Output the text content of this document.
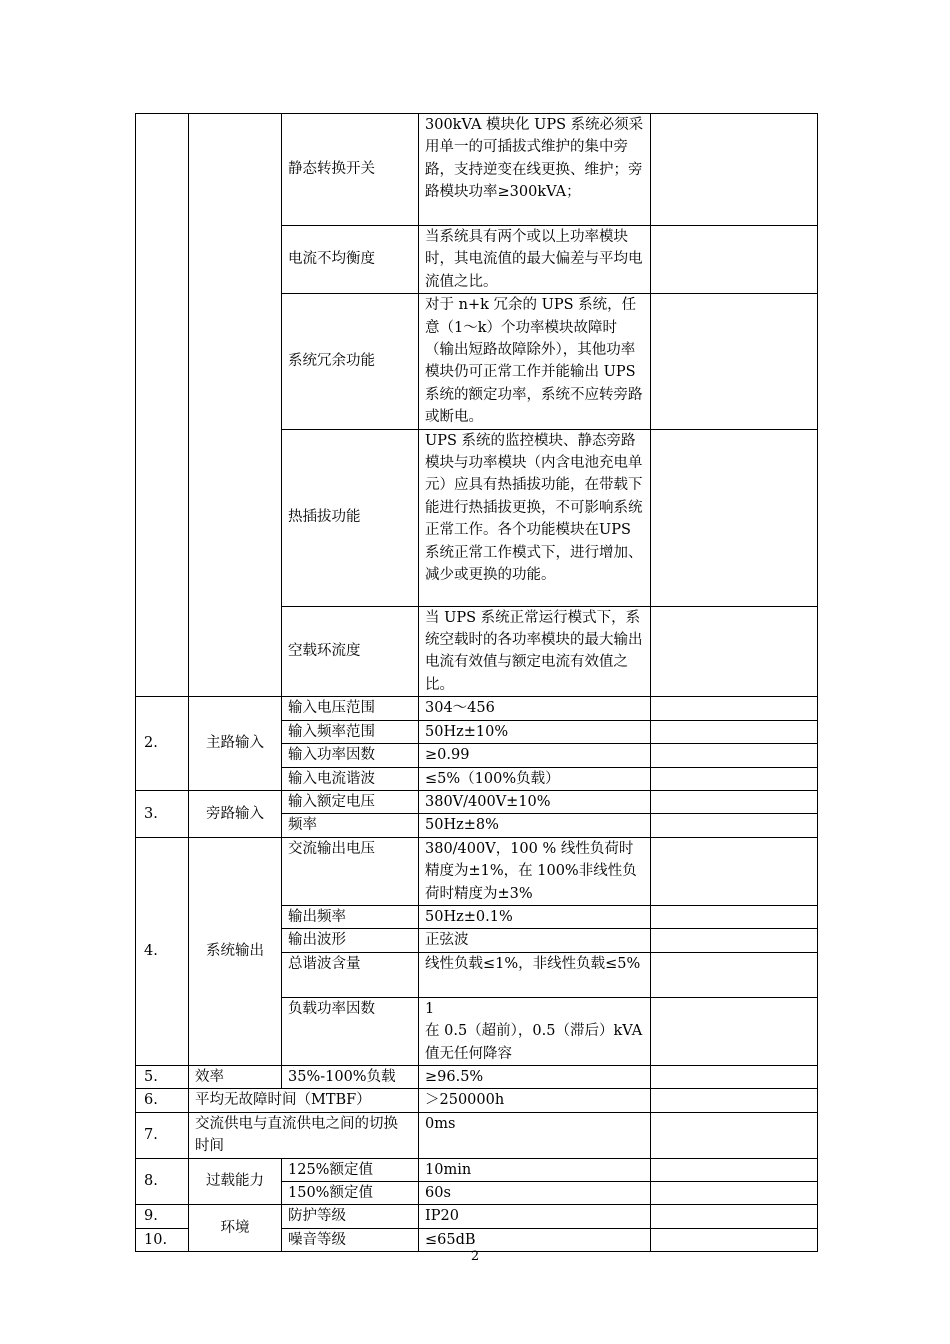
		静态转换开关	300kVA 模块化 UPS 系统必须采用单一的可插拔式维护的集中旁路，支持逆变在线更换、维护；旁路模块功率≥300kVA；	
		电流不均衡度	当系统具有两个或以上功率模块时，其电流值的最大偏差与平均电流值之比。	
		系统冗余功能	对于 n+k 冗余的 UPS 系统，任意（1～k）个功率模块故障时（输出短路故障除外），其他功率模块仍可正常工作并能输出 UPS 系统的额定功率，系统不应转旁路或断电。	
		热插拔功能	UPS 系统的监控模块、静态旁路模块与功率模块（内含电池充电单元）应具有热插拔功能，在带载下能进行热插拔更换，不可影响系统正常工作。各个功能模块在UPS 系统正常工作模式下，进行增加、减少或更换的功能。	
		空载环流度	当 UPS 系统正常运行模式下，系统空载时的各功率模块的最大输出电流有效值与额定电流有效值之比。	
2.	主路输入	输入电压范围	304～456	
		输入频率范围	50Hz±10%	
		输入功率因数	≥0.99	
		输入电流谐波	≤5%（100%负载）	
3.	旁路输入	输入额定电压	380V/400V±10%	
		频率	50Hz±8%	
4.	系统输出	交流输出电压	380/400V，100 % 线性负荷时精度为±1%，在 100%非线性负荷时精度为±3%	
		输出频率	50Hz±0.1%	
		输出波形	正弦波	
		总谐波含量	线性负载≤1%，非线性负载≤5%	
		负载功率因数	1
在 0.5（超前），0.5（滞后）kVA 值无任何降容	

5.	效率	35%-100%负载	≥96.5%	
6.	平均无故障时间（MTBF）		＞250000h	
7.	交流供电与直流供电之间的切换时间		0ms	
8.	过载能力	125%额定值	10min	
		150%额定值	60s	
9.	环境	防护等级	IP20	
10.		噪音等级	≤65dB	
2
